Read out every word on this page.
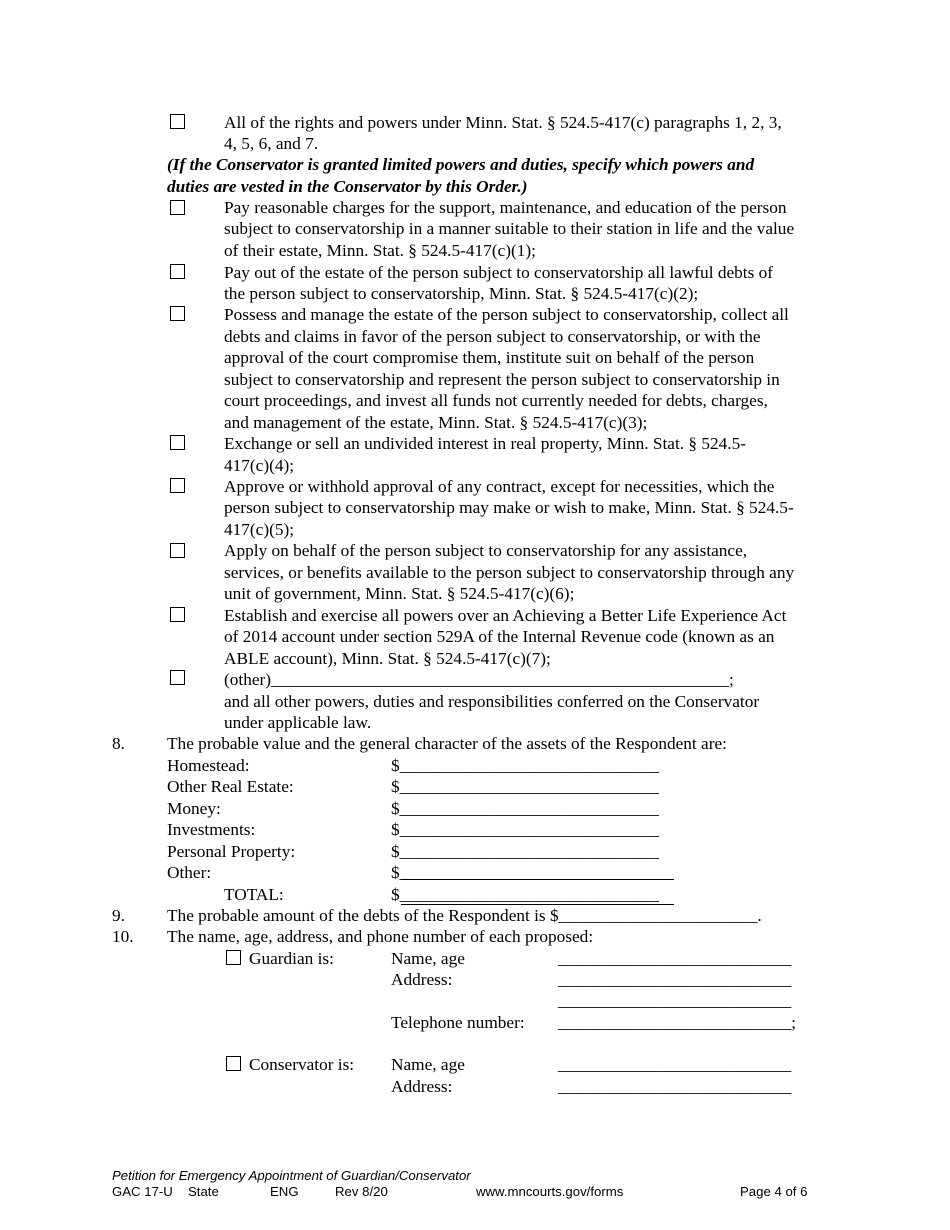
All of the rights and powers under Minn. Stat. § 524.5-417(c) paragraphs 1, 2, 3,
4, 5, 6, and 7.
(If the Conservator is granted limited powers and duties, specify which powers and
duties are vested in the Conservator by this Order.)
Pay reasonable charges for the support, maintenance, and education of the person
subject to conservatorship in a manner suitable to their station in life and the value
of their estate, Minn. Stat. § 524.5-417(c)(1);
Pay out of the estate of the person subject to conservatorship all lawful debts of
the person subject to conservatorship, Minn. Stat. § 524.5-417(c)(2);
Possess and manage the estate of the person subject to conservatorship, collect all
debts and claims in favor of the person subject to conservatorship, or with the
approval of the court compromise them, institute suit on behalf of the person
subject to conservatorship and represent the person subject to conservatorship in
court proceedings, and invest all funds not currently needed for debts, charges,
and management of the estate, Minn. Stat. § 524.5-417(c)(3);
Exchange or sell an undivided interest in real property, Minn. Stat. § 524.5-
417(c)(4);
Approve or withhold approval of any contract, except for necessities, which the
person subject to conservatorship may make or wish to make, Minn. Stat. § 524.5-
417(c)(5);
Apply on behalf of the person subject to conservatorship for any assistance,
services, or benefits available to the person subject to conservatorship through any
unit of government, Minn. Stat. § 524.5-417(c)(6);
Establish and exercise all powers over an Achieving a Better Life Experience Act
of 2014 account under section 529A of the Internal Revenue code (known as an
ABLE account), Minn. Stat. § 524.5-417(c)(7);
(other)_____________________________________________________;
and all other powers, duties and responsibilities conferred on the Conservator
under applicable law.
8. The probable value and the general character of the assets of the Respondent are:
Homestead:	$______________________________
Other Real Estate:	$______________________________
Money:	$______________________________
Investments:	$______________________________
Personal Property:	$______________________________
Other:	$______________________________
TOTAL:	$______________________________
9. The probable amount of the debts of the Respondent is $_______________________.
10. The name, age, address, and phone number of each proposed:
Guardian is:	Name, age	___________________________
Address:	___________________________
___________________________
Telephone number: ___________________________;
Conservator is: Name, age	___________________________
Address:	___________________________
Petition for Emergency Appointment of Guardian/Conservator
GAC 17-U State	ENG	Rev 8/20	www.mncourts.gov/forms	Page 4 of 6
